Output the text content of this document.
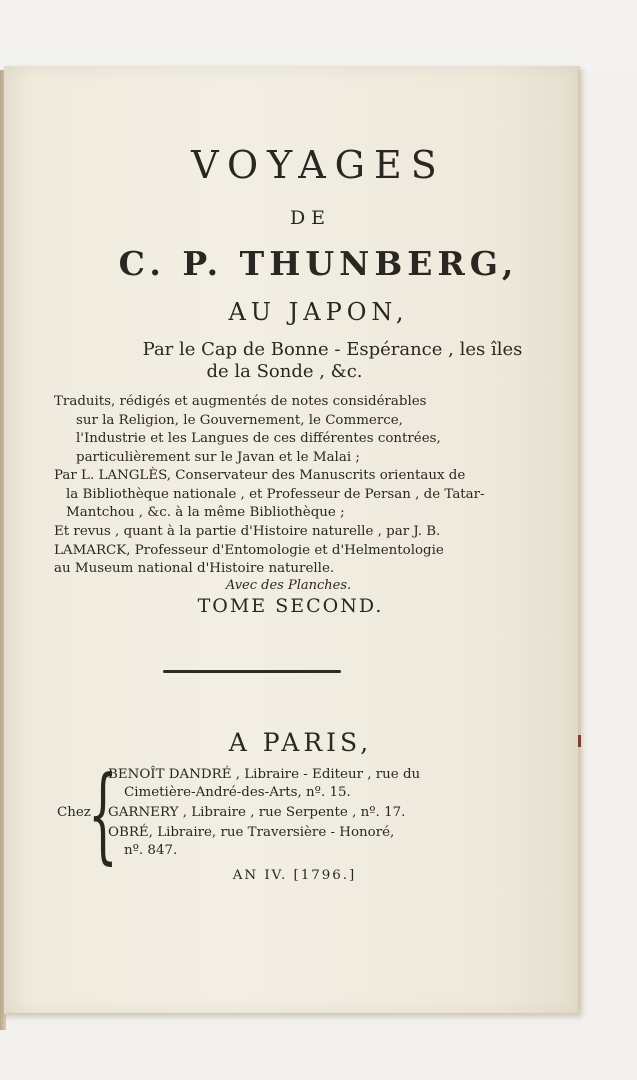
VOYAGES
DE
C. P. THUNBERG,
AU JAPON,
Par le Cap de Bonne - Espérance , les îles
de la Sonde , &c.
Traduits, rédigés et augmentés de notes considérables
sur la Religion, le Gouvernement, le Commerce,
l'Industrie et les Langues de ces différentes contrées,
particulièrement sur le Javan et le Malai ;
Par L. LANGLÈS, Conservateur des Manuscrits orientaux de
la Bibliothèque nationale , et Professeur de Persan , de Tatar-
Mantchou , &c. à la même Bibliothèque ;
Et revus , quant à la partie d'Histoire naturelle , par J. B.
LAMARCK, Professeur d'Entomologie et d'Helmentologie
au Museum national d'Histoire naturelle.
Avec des Planches.
TOME SECOND.
A PARIS,
Chez
{
BENOÎT DANDRÉ , Libraire - Editeur , rue du
Cimetière-André-des-Arts, nº. 15.
GARNERY , Libraire , rue Serpente , nº. 17.
OBRÉ, Libraire, rue Traversière - Honoré,
nº. 847.
AN IV. [1796.]
